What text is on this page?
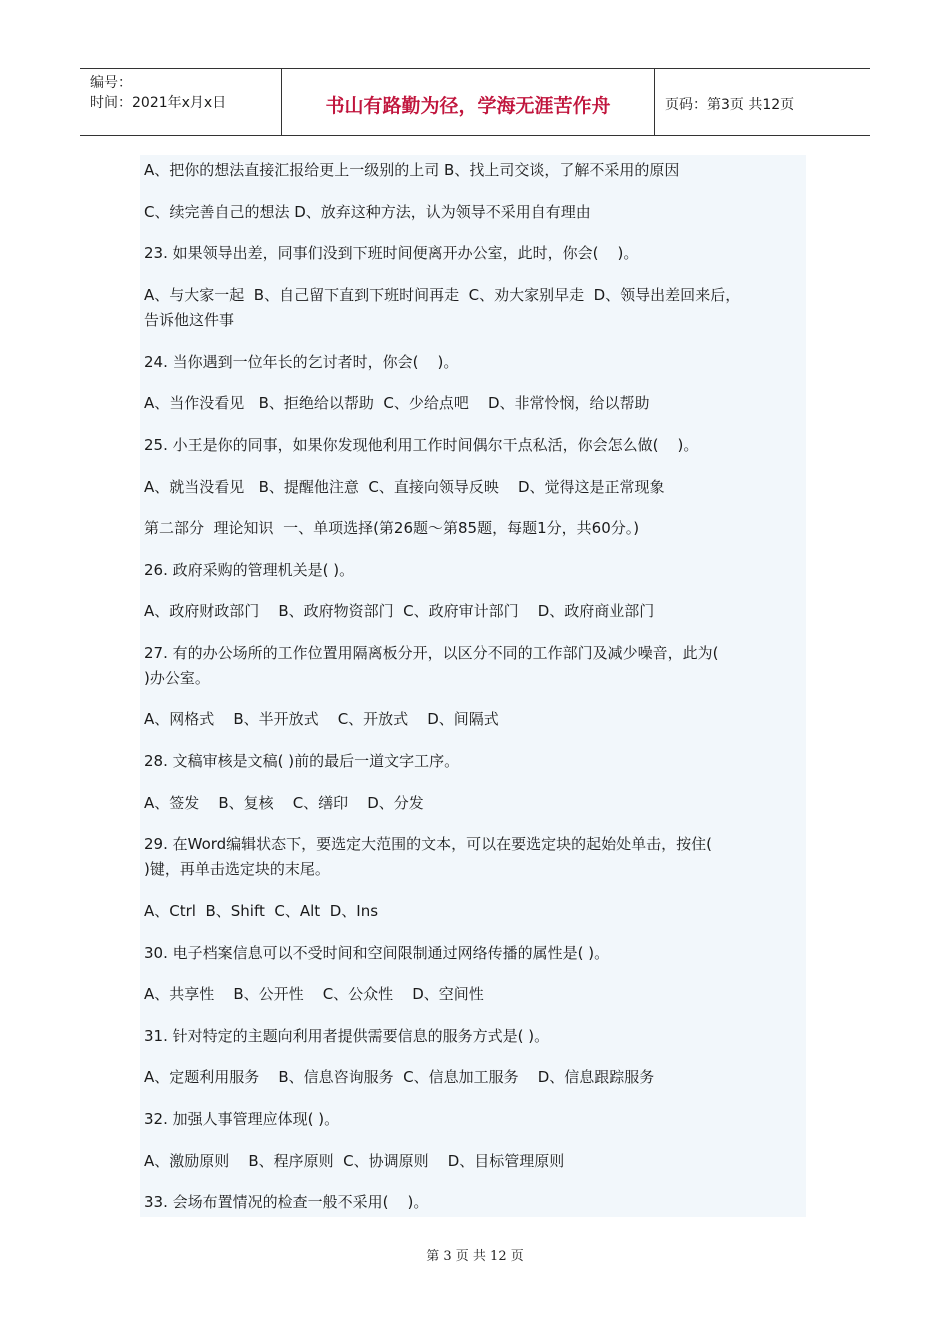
编号：
时间：2021年x月x日	书山有路勤为径，学海无涯苦作舟	页码：第3页 共12页
A、把你的想法直接汇报给更上一级别的上司 B、找上司交谈，了解不采用的原因
C、续完善自己的想法 D、放弃这种方法，认为领导不采用自有理由
23. 如果领导出差，同事们没到下班时间便离开办公室，此时，你会(    )。
A、与大家一起  B、自己留下直到下班时间再走  C、劝大家别早走  D、领导出差回来后，
告诉他这件事
24. 当你遇到一位年长的乞讨者时，你会(    )。
A、当作没看见   B、拒绝给以帮助  C、少给点吧    D、非常怜悯，给以帮助
25. 小王是你的同事，如果你发现他利用工作时间偶尔干点私活，你会怎么做(    )。
A、就当没看见   B、提醒他注意  C、直接向领导反映    D、觉得这是正常现象
第二部分  理论知识  一、单项选择(第26题～第85题，每题1分，共60分。)
26. 政府采购的管理机关是( )。
A、政府财政部门    B、政府物资部门  C、政府审计部门    D、政府商业部门
27. 有的办公场所的工作位置用隔离板分开，以区分不同的工作部门及减少噪音，此为(
)办公室。
A、网格式    B、半开放式    C、开放式    D、间隔式
28. 文稿审核是文稿( )前的最后一道文字工序。
A、签发    B、复核    C、缮印    D、分发
29. 在Word编辑状态下，要选定大范围的文本，可以在要选定块的起始处单击，按住(
)键，再单击选定块的末尾。
A、Ctrl  B、Shift  C、Alt  D、Ins
30. 电子档案信息可以不受时间和空间限制通过网络传播的属性是( )。
A、共享性    B、公开性    C、公众性    D、空间性
31. 针对特定的主题向利用者提供需要信息的服务方式是( )。
A、定题利用服务    B、信息咨询服务  C、信息加工服务    D、信息跟踪服务
32. 加强人事管理应体现( )。
A、激励原则    B、程序原则  C、协调原则    D、目标管理原则
33. 会场布置情况的检查一般不采用(    )。
第 3 页 共 12 页
